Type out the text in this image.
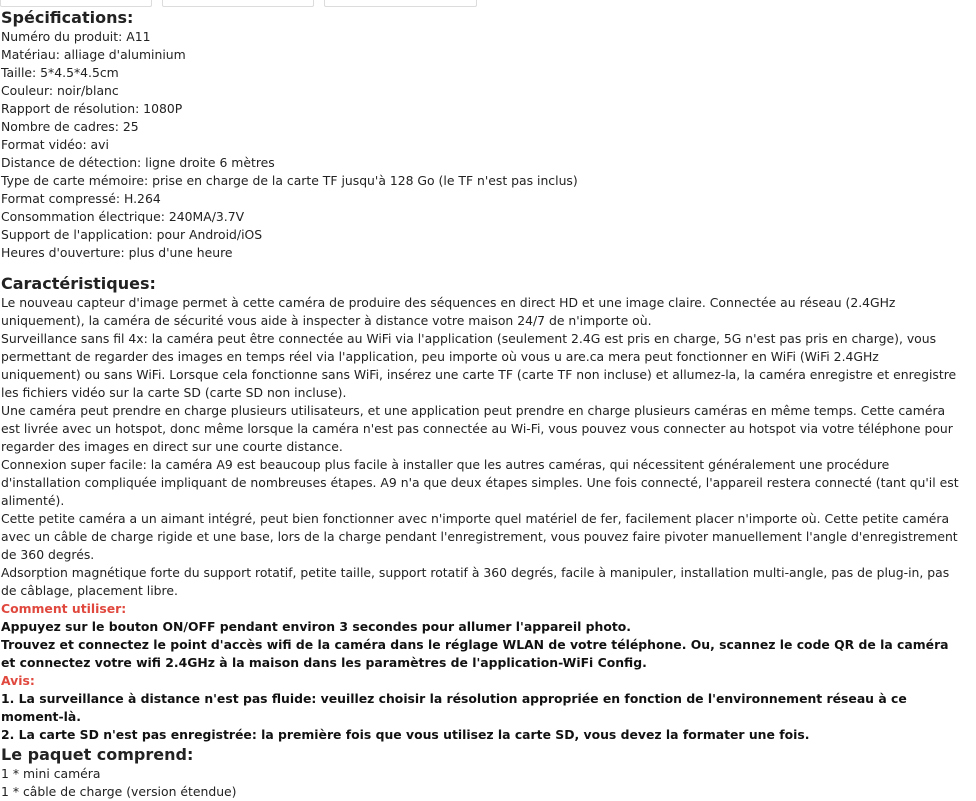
Spécifications:
Numéro du produit: A11
Matériau: alliage d'aluminium
Taille: 5*4.5*4.5cm
Couleur: noir/blanc
Rapport de résolution: 1080P
Nombre de cadres: 25
Format vidéo: avi
Distance de détection: ligne droite 6 mètres
Type de carte mémoire: prise en charge de la carte TF jusqu'à 128 Go (le TF n'est pas inclus)
Format compressé: H.264
Consommation électrique: 240MA/3.7V
Support de l'application: pour Android/iOS
Heures d'ouverture: plus d'une heure
Caractéristiques:

Le nouveau capteur d'image permet à cette caméra de produire des séquences en direct HD et une image claire. Connectée au réseau (2.4GHz uniquement), la caméra de sécurité vous aide à inspecter à distance votre maison 24/7 de n'importe où.

Surveillance sans fil 4x: la caméra peut être connectée au WiFi via l'application (seulement 2.4G est pris en charge, 5G n'est pas pris en charge), vous permettant de regarder des images en temps réel via l'application, peu importe où vous u are.ca mera peut fonctionner en WiFi (WiFi 2.4GHz uniquement) ou sans WiFi. Lorsque cela fonctionne sans WiFi, insérez une carte TF (carte TF non incluse) et allumez-la, la caméra enregistre et enregistre les fichiers vidéo sur la carte SD (carte SD non incluse).

Une caméra peut prendre en charge plusieurs utilisateurs, et une application peut prendre en charge plusieurs caméras en même temps. Cette caméra est livrée avec un hotspot, donc même lorsque la caméra n'est pas connectée au Wi-Fi, vous pouvez vous connecter au hotspot via votre téléphone pour regarder des images en direct sur une courte distance.

Connexion super facile: la caméra A9 est beaucoup plus facile à installer que les autres caméras, qui nécessitent généralement une procédure d'installation compliquée impliquant de nombreuses étapes. A9 n'a que deux étapes simples. Une fois connecté, l'appareil restera connecté (tant qu'il est alimenté).

Cette petite caméra a un aimant intégré, peut bien fonctionner avec n'importe quel matériel de fer, facilement placer n'importe où. Cette petite caméra avec un câble de charge rigide et une base, lors de la charge pendant l'enregistrement, vous pouvez faire pivoter manuellement l'angle d'enregistrement de 360 degrés.

Adsorption magnétique forte du support rotatif, petite taille, support rotatif à 360 degrés, facile à manipuler, installation multi-angle, pas de plug-in, pas de câblage, placement libre.

Comment utiliser:

Appuyez sur le bouton ON/OFF pendant environ 3 secondes pour allumer l'appareil photo.

Trouvez et connectez le point d'accès wifi de la caméra dans le réglage WLAN de votre téléphone. Ou, scannez le code QR de la caméra et connectez votre wifi 2.4GHz à la maison dans les paramètres de l'application-WiFi Config.

Avis:

1. La surveillance à distance n'est pas fluide: veuillez choisir la résolution appropriée en fonction de l'environnement réseau à ce moment-là.

2. La carte SD n'est pas enregistrée: la première fois que vous utilisez la carte SD, vous devez la formater une fois.

Le paquet comprend:
1 * mini caméra
1 * câble de charge (version étendue)
